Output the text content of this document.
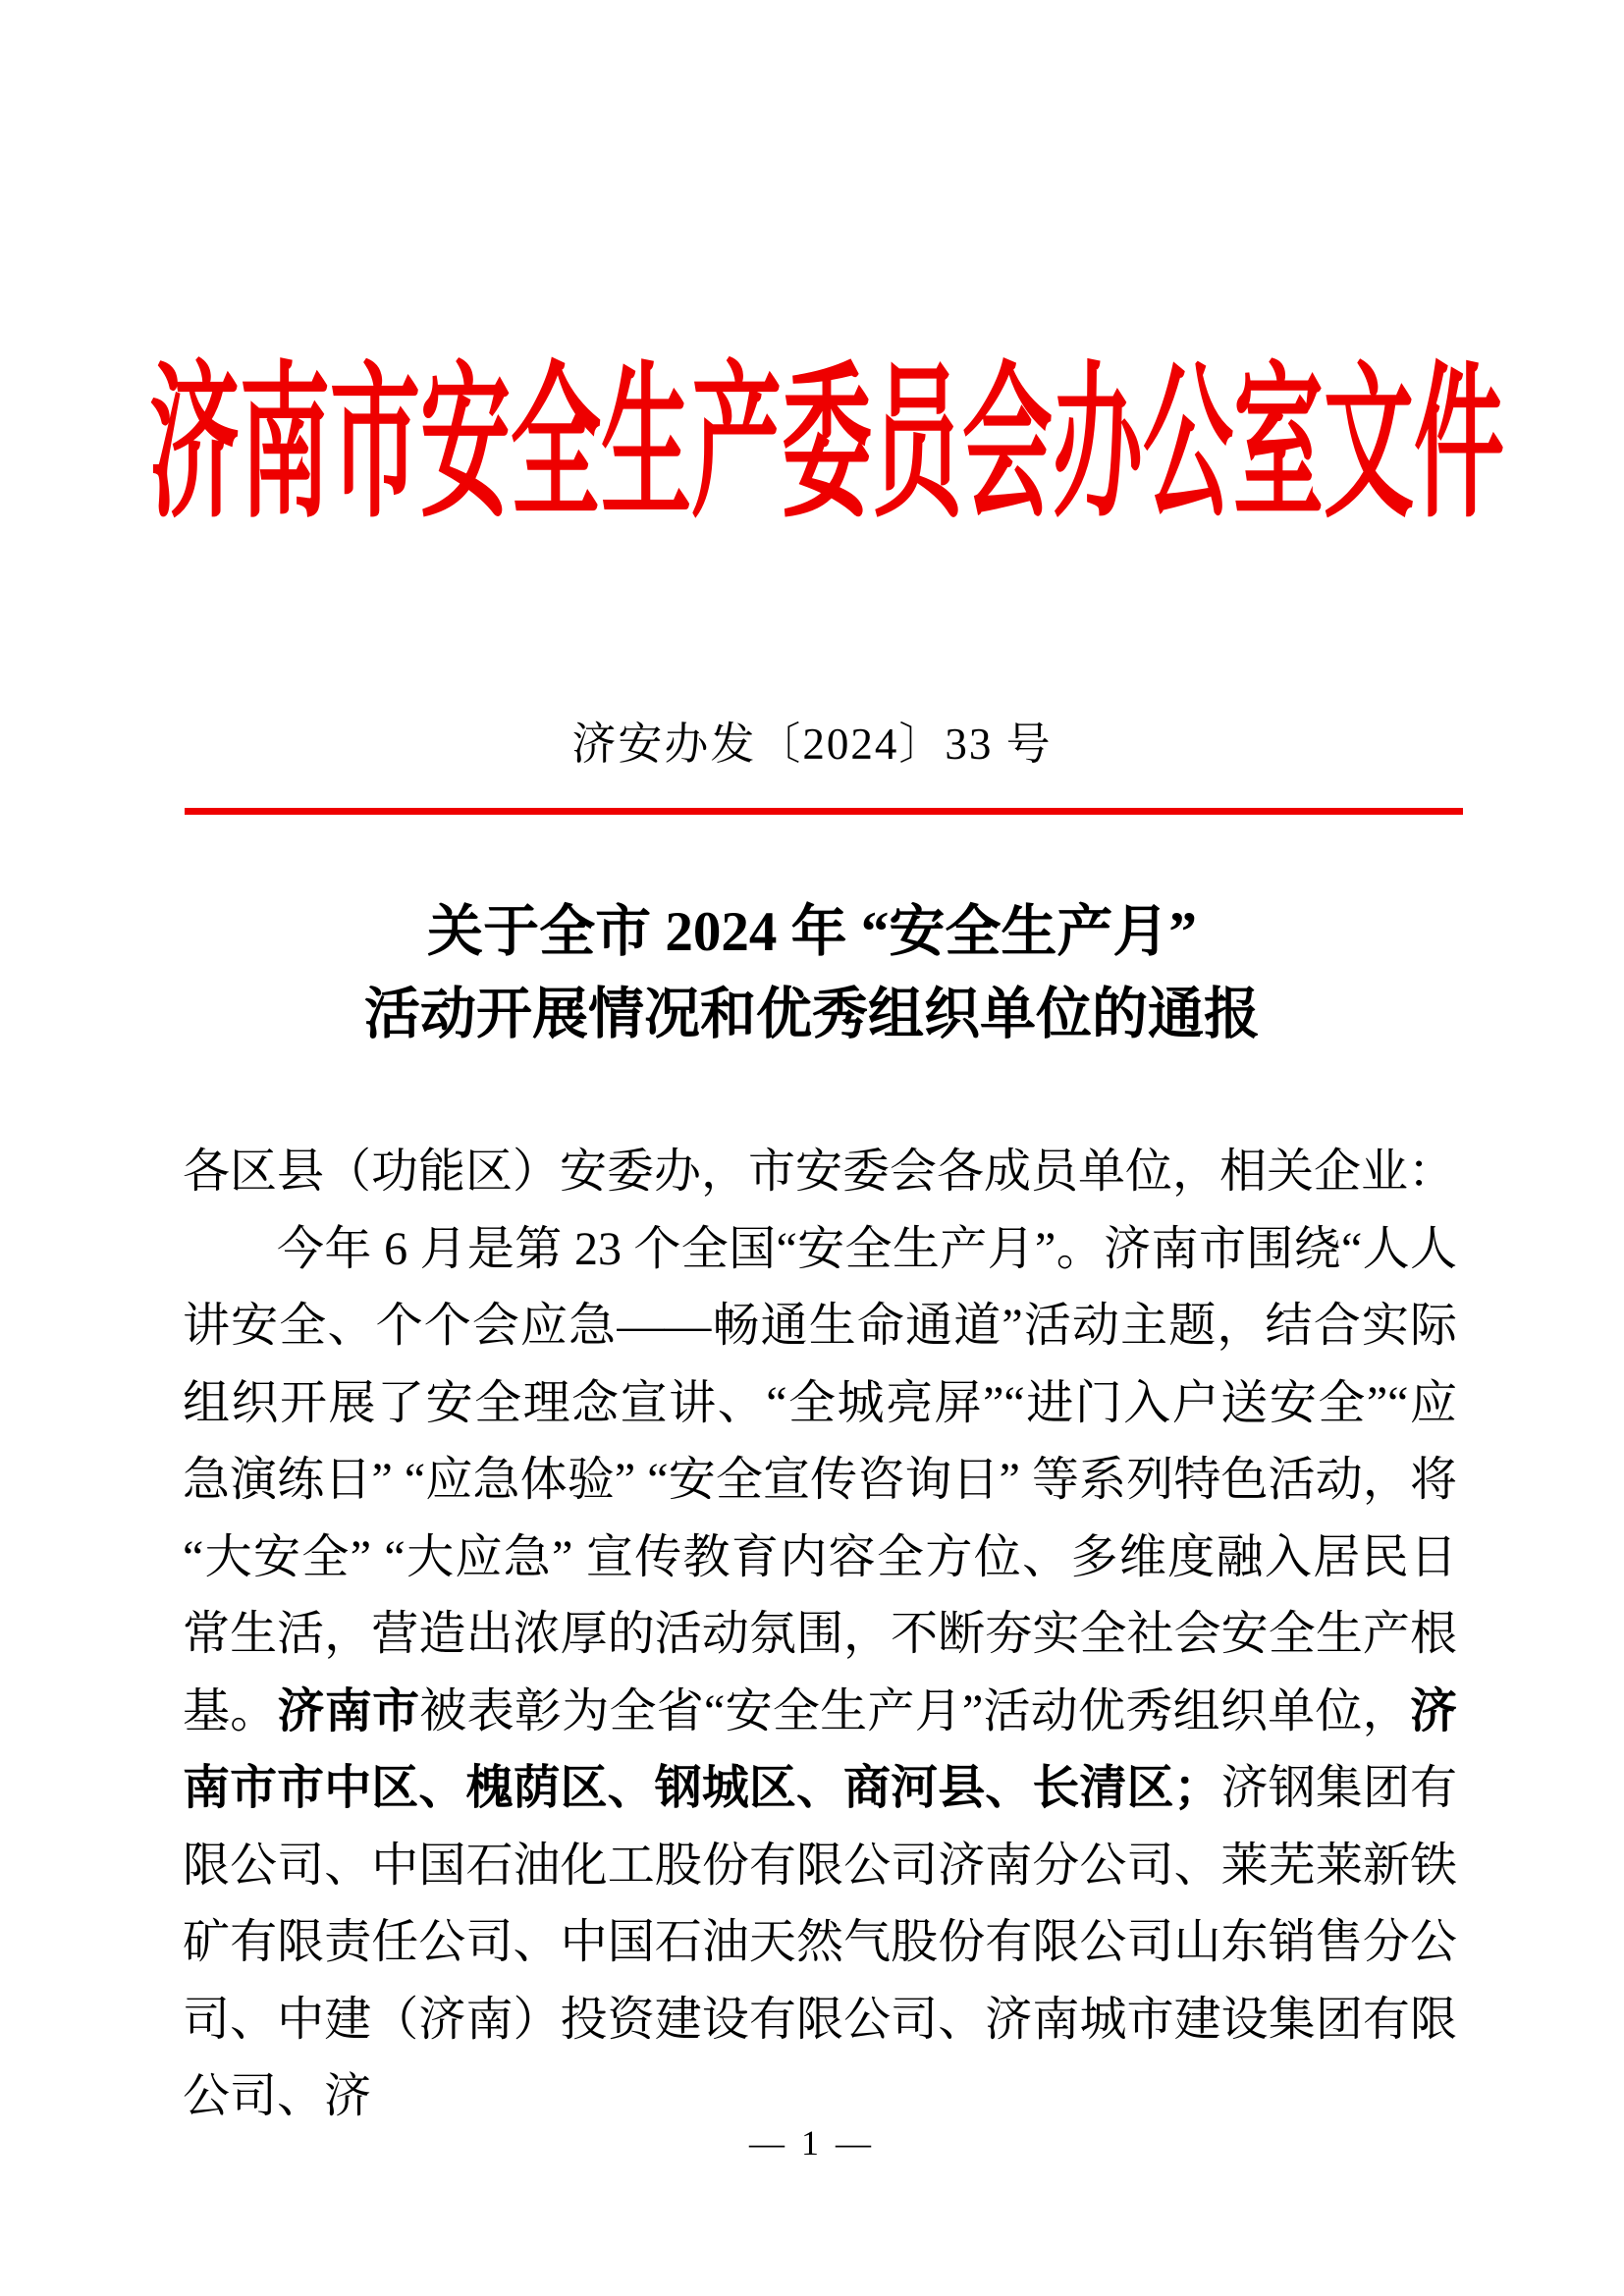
济南市安全生产委员会办公室文件
济安办发〔2024〕33 号
关于全市 2024 年 “安全生产月”
活动开展情况和优秀组织单位的通报

各区县（功能区）安委办，市安委会各成员单位，相关企业：

今年 6 月是第 23 个全国“安全生产月”。济南市围绕“人人讲安全、个个会应急——畅通生命通道”活动主题，结合实际组织开展了安全理念宣讲、“全城亮屏”“进门入户送安全”“应急演练日” “应急体验” “安全宣传咨询日” 等系列特色活动，将 “大安全” “大应急” 宣传教育内容全方位、多维度融入居民日常生活，营造出浓厚的活动氛围，不断夯实全社会安全生产根基。济南市被表彰为全省“安全生产月”活动优秀组织单位，济南市市中区、槐荫区、钢城区、商河县、长清区；济钢集团有限公司、中国石油化工股份有限公司济南分公司、莱芜莱新铁矿有限责任公司、中国石油天然气股份有限公司山东销售分公司、中建（济南）投资建设有限公司、济南城市建设集团有限公司、济

— 1 —
